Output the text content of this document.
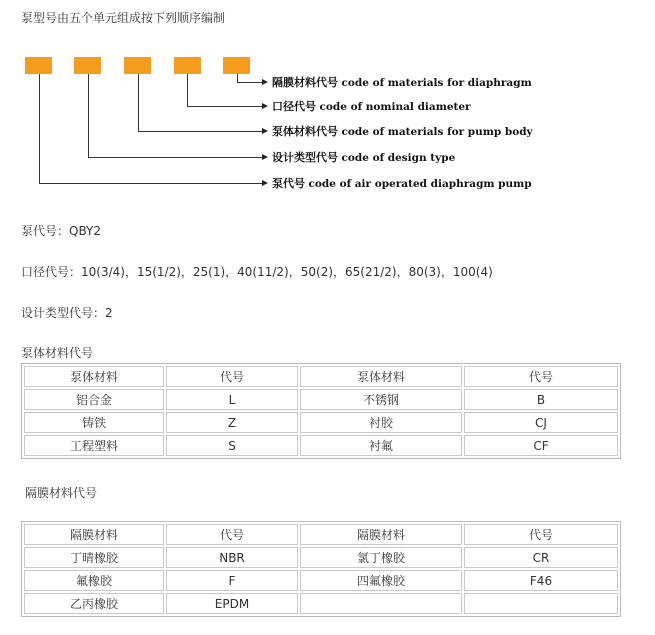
泵型号由五个单元组成按下列顺序编制
隔膜材料代号 code of materials for diaphragm
口径代号 code of nominal diameter
泵体材料代号 code of materials for pump body
设计类型代号 code of design type
泵代号 code of air operated diaphragm pump
泵代号：QBY2
口径代号：10(3/4)，15(1/2)，25(1)，40(11/2)，50(2)，65(21/2)，80(3)，100(4)
设计类型代号：2
泵体材料代号
泵体材料	代号	泵体材料	代号
铝合金	L	不锈钢	B
铸铁	Z	衬胶	CJ
工程塑料	S	衬氟	CF
隔膜材料代号
隔膜材料	代号	隔膜材料	代号
丁晴橡胶	NBR	氯丁橡胶	CR
氟橡胶	F	四氟橡胶	F46
乙丙橡胶	EPDM		
